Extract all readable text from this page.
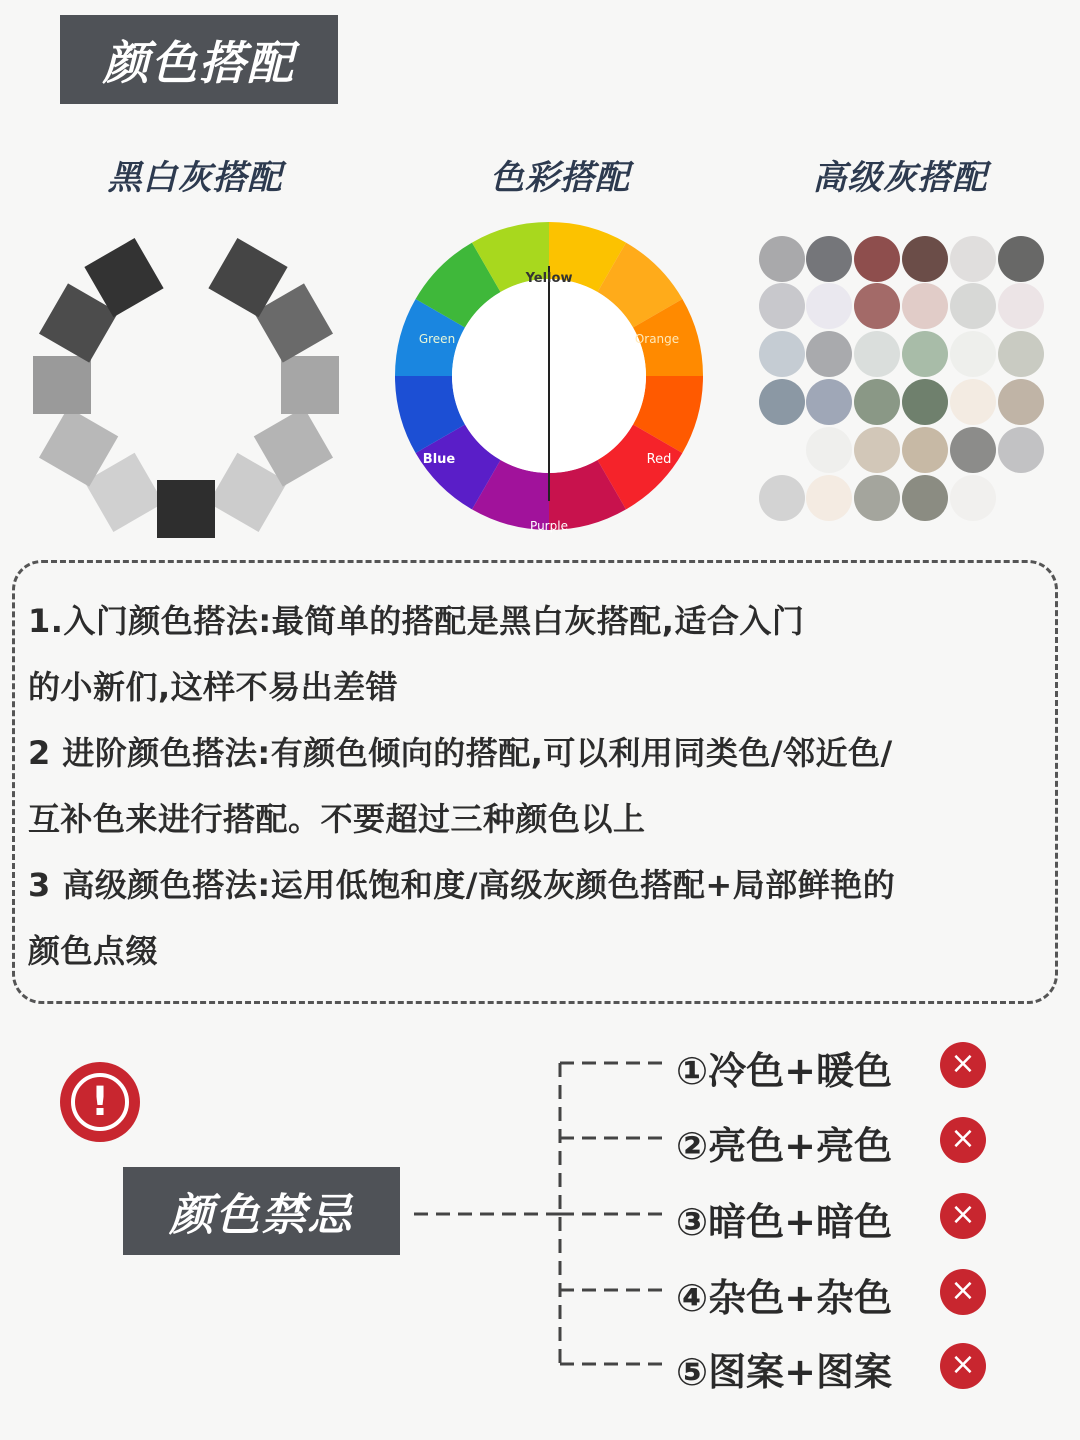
颜色搭配
黑白灰搭配	色彩搭配	高级灰搭配
Yellow
Orange
Red
Purple
Blue
Green
1.入门颜色搭法:最简单的搭配是黑白灰搭配,适合入门
的小新们,这样不易出差错
2 进阶颜色搭法:有颜色倾向的搭配,可以利用同类色/邻近色/
互补色来进行搭配。不要超过三种颜色以上
3 高级颜色搭法:运用低饱和度/高级灰颜色搭配+局部鲜艳的
颜色点缀
!
颜色禁忌
①冷色+暖色
②亮色+亮色
③暗色+暗色
④杂色+杂色
⑤图案+图案
×
×
×
×
×
